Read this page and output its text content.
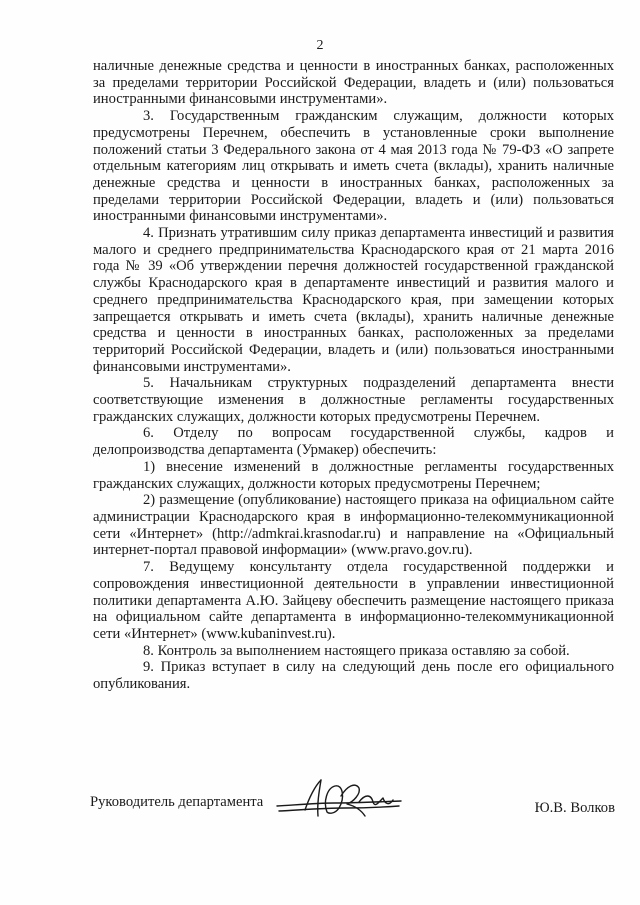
2

наличные денежные средства и ценности в иностранных банках, расположенных за пределами территории Российской Федерации, владеть и (или) пользоваться иностранными финансовыми инструментами».

3. Государственным гражданским служащим, должности которых предусмотрены Перечнем, обеспечить в установленные сроки выполнение положений статьи 3 Федерального закона от 4 мая 2013 года № 79-ФЗ «О запрете отдельным категориям лиц открывать и иметь счета (вклады), хранить наличные денежные средства и ценности в иностранных банках, расположенных за пределами территории Российской Федерации, владеть и (или) пользоваться иностранными финансовыми инструментами».

4. Признать утратившим силу приказ департамента инвестиций и развития малого и среднего предпринимательства Краснодарского края от 21 марта 2016 года № 39 «Об утверждении перечня должностей государственной гражданской службы Краснодарского края в департаменте инвестиций и развития малого и среднего предпринимательства Краснодарского края, при замещении которых запрещается открывать и иметь счета (вклады), хранить наличные денежные средства и ценности в иностранных банках, расположенных за пределами территорий Российской Федерации, владеть и (или) пользоваться иностранными финансовыми инструментами».

5. Начальникам структурных подразделений департамента внести соответствующие изменения в должностные регламенты государственных гражданских служащих, должности которых предусмотрены Перечнем.

6. Отделу по вопросам государственной службы, кадров и делопроизводства департамента (Урмакер) обеспечить:

1) внесение изменений в должностные регламенты государственных гражданских служащих, должности которых предусмотрены Перечнем;

2) размещение (опубликование) настоящего приказа на официальном сайте администрации Краснодарского края в информационно-телекоммуникационной сети «Интернет» (http://admkrai.krasnodar.ru) и направление на «Официальный интернет-портал правовой информации» (www.pravo.gov.ru).

7. Ведущему консультанту отдела государственной поддержки и сопровождения инвестиционной деятельности в управлении инвестиционной политики департамента А.Ю. Зайцеву обеспечить размещение настоящего приказа на официальном сайте департамента в информационно-телекоммуникационной сети «Интернет» (www.kubaninvest.ru).

8. Контроль за выполнением настоящего приказа оставляю за собой.

9. Приказ вступает в силу на следующий день после его официального опубликования.

Руководитель департамента	Ю.В. Волков
